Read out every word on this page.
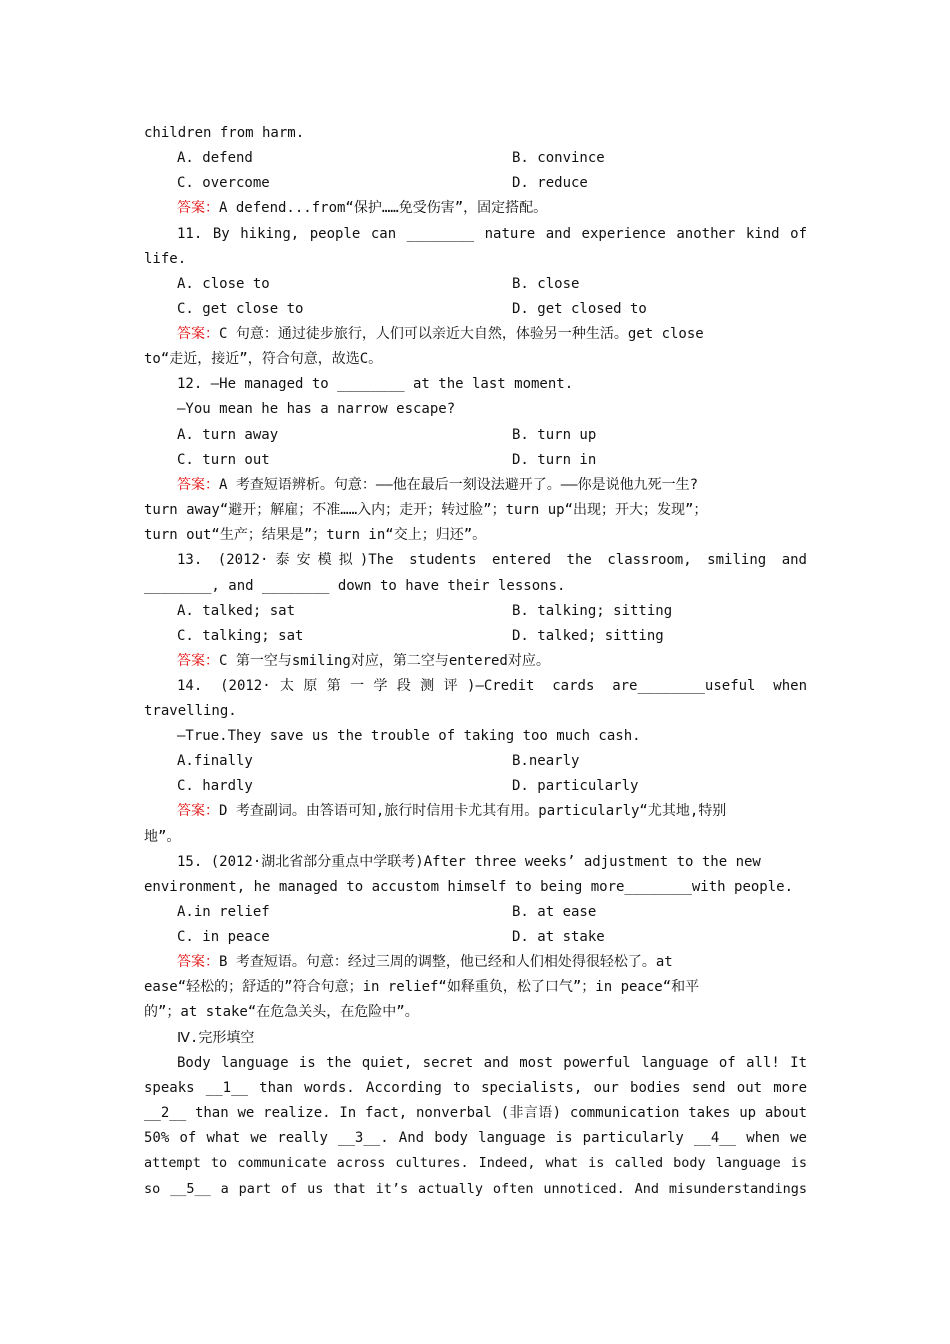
children from harm.
A. defend	B. convince
C. overcome	D. reduce
答案：A defend...from“保护……免受伤害”，固定搭配。
11. By hiking, people can ________ nature and experience another kind of
life.
A. close to	B. close
C. get close to	D. get closed to
答案：C 句意：通过徒步旅行，人们可以亲近大自然，体验另一种生活。get close
to“走近，接近”，符合句意，故选C。
12. —He managed to ________ at the last moment.
—You mean he has a narrow escape?
A. turn away	B. turn up
C. turn out	D. turn in
答案：A 考查短语辨析。句意：——他在最后一刻设法避开了。——你是说他九死一生?
turn away“避开；解雇；不准……入内；走开；转过脸”；turn up“出现；开大；发现”；
turn out“生产；结果是”；turn in“交上；归还”。
13. (2012·泰安模拟)The students entered the classroom, smiling and
________, and ________ down to have their lessons.
A. talked; sat	B. talking; sitting
C. talking; sat	D. talked; sitting
答案：C 第一空与smiling对应，第二空与entered对应。
14. (2012·太原第一学段测评)—Credit cards are________useful when
travelling.
—True.They save us the trouble of taking too much cash.
A.finally	B.nearly
C. hardly	D. particularly
答案：D 考查副词。由答语可知,旅行时信用卡尤其有用。particularly“尤其地,特别
地”。
15. (2012·湖北省部分重点中学联考)After three weeks’ adjustment to the new
environment, he managed to accustom himself to being more________with people.
A.in relief	B. at ease
C. in peace	D. at stake
答案：B 考查短语。句意：经过三周的调整，他已经和人们相处得很轻松了。at
ease“轻松的；舒适的”符合句意；in relief“如释重负，松了口气”；in peace“和平
的”；at stake“在危急关头，在危险中”。
Ⅳ.完形填空
Body language is the quiet, secret and most powerful language of all! It
speaks __1__ than words. According to specialists, our bodies send out more
__2__ than we realize. In fact, nonverbal (非言语) communication takes up about
50% of what we really __3__. And body language is particularly __4__ when we
attempt to communicate across cultures. Indeed, what is called body language is
so __5__ a part of us that it’s actually often unnoticed. And misunderstandings
